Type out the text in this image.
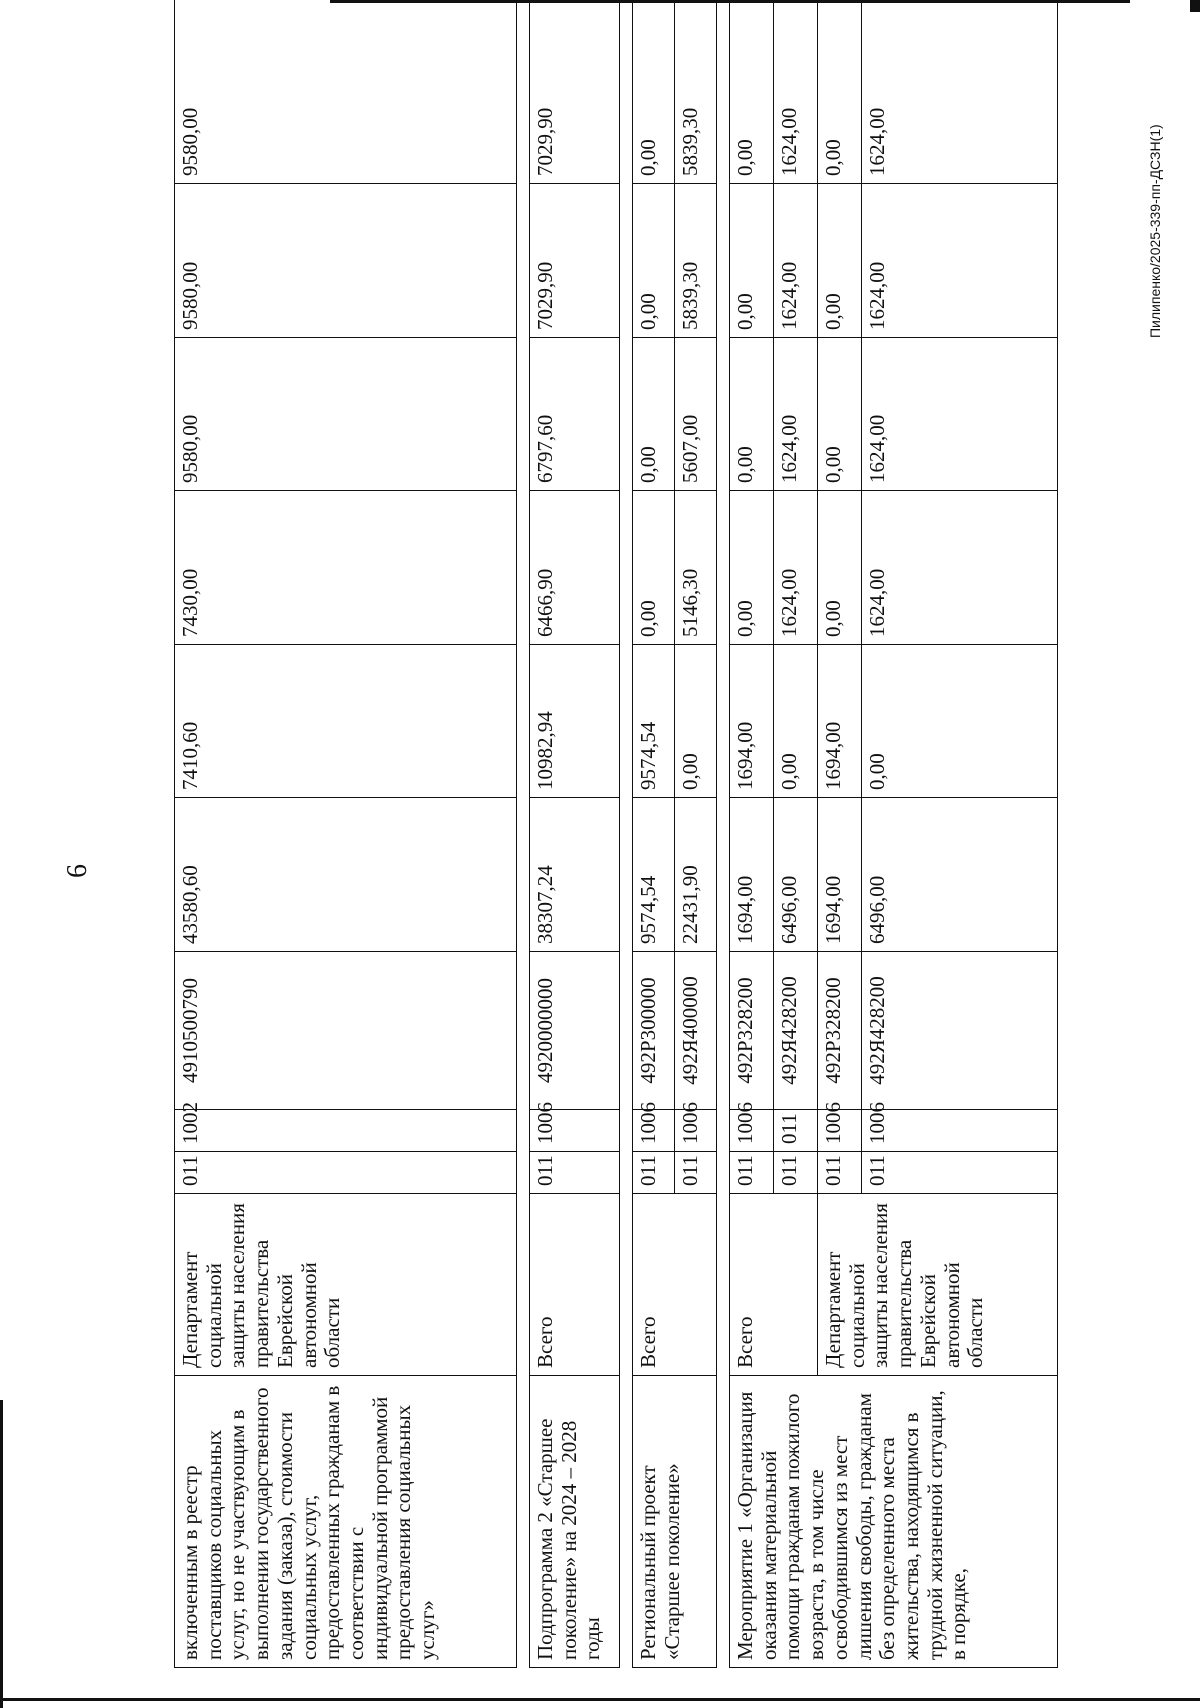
6
Пилипенко/2025-339-пп-ДСЗН(1)
включенным в реестр поставщиков социальных услуг, но не участвующим в выполнении государственного задания (заказа), стоимости социальных услуг, предоставленных гражданам в соответствии с индивидуальной программой предоставления социальных услуг»	Департамент социальной защиты населения правительства Еврейской автономной области	011	1002	4910500790	43580,60	7410,60	7430,00	9580,00	9580,00	9580,00

Подпрограмма 2 «Старшее поколение» на 2024 – 2028 годы	Всего	011	1006	4920000000	38307,24	10982,94	6466,90	6797,60	7029,90	7029,90

Региональный проект «Старшее поколение»	Всего	011	1006	492Р300000	9574,54	9574,54	0,00	0,00	0,00	0,00
		011	1006	492Я400000	22431,90	0,00	5146,30	5607,00	5839,30	5839,30

Мероприятие 1 «Организация оказания материальной помощи гражданам пожилого возраста, в том числе освободившимся из мест лишения свободы, гражданам без определенного места жительства, находящимся в трудной жизненной ситуации, в порядке,	Всего	011	1006	492Р328200	1694,00	1694,00	0,00	0,00	0,00	0,00
		011	011	492Я428200	6496,00	0,00	1624,00	1624,00	1624,00	1624,00
	Департамент социальной защиты населения правительства Еврейской автономной области	011	1006	492Р328200	1694,00	1694,00	0,00	0,00	0,00	0,00
		011	1006	492Я428200	6496,00	0,00	1624,00	1624,00	1624,00	1624,00
